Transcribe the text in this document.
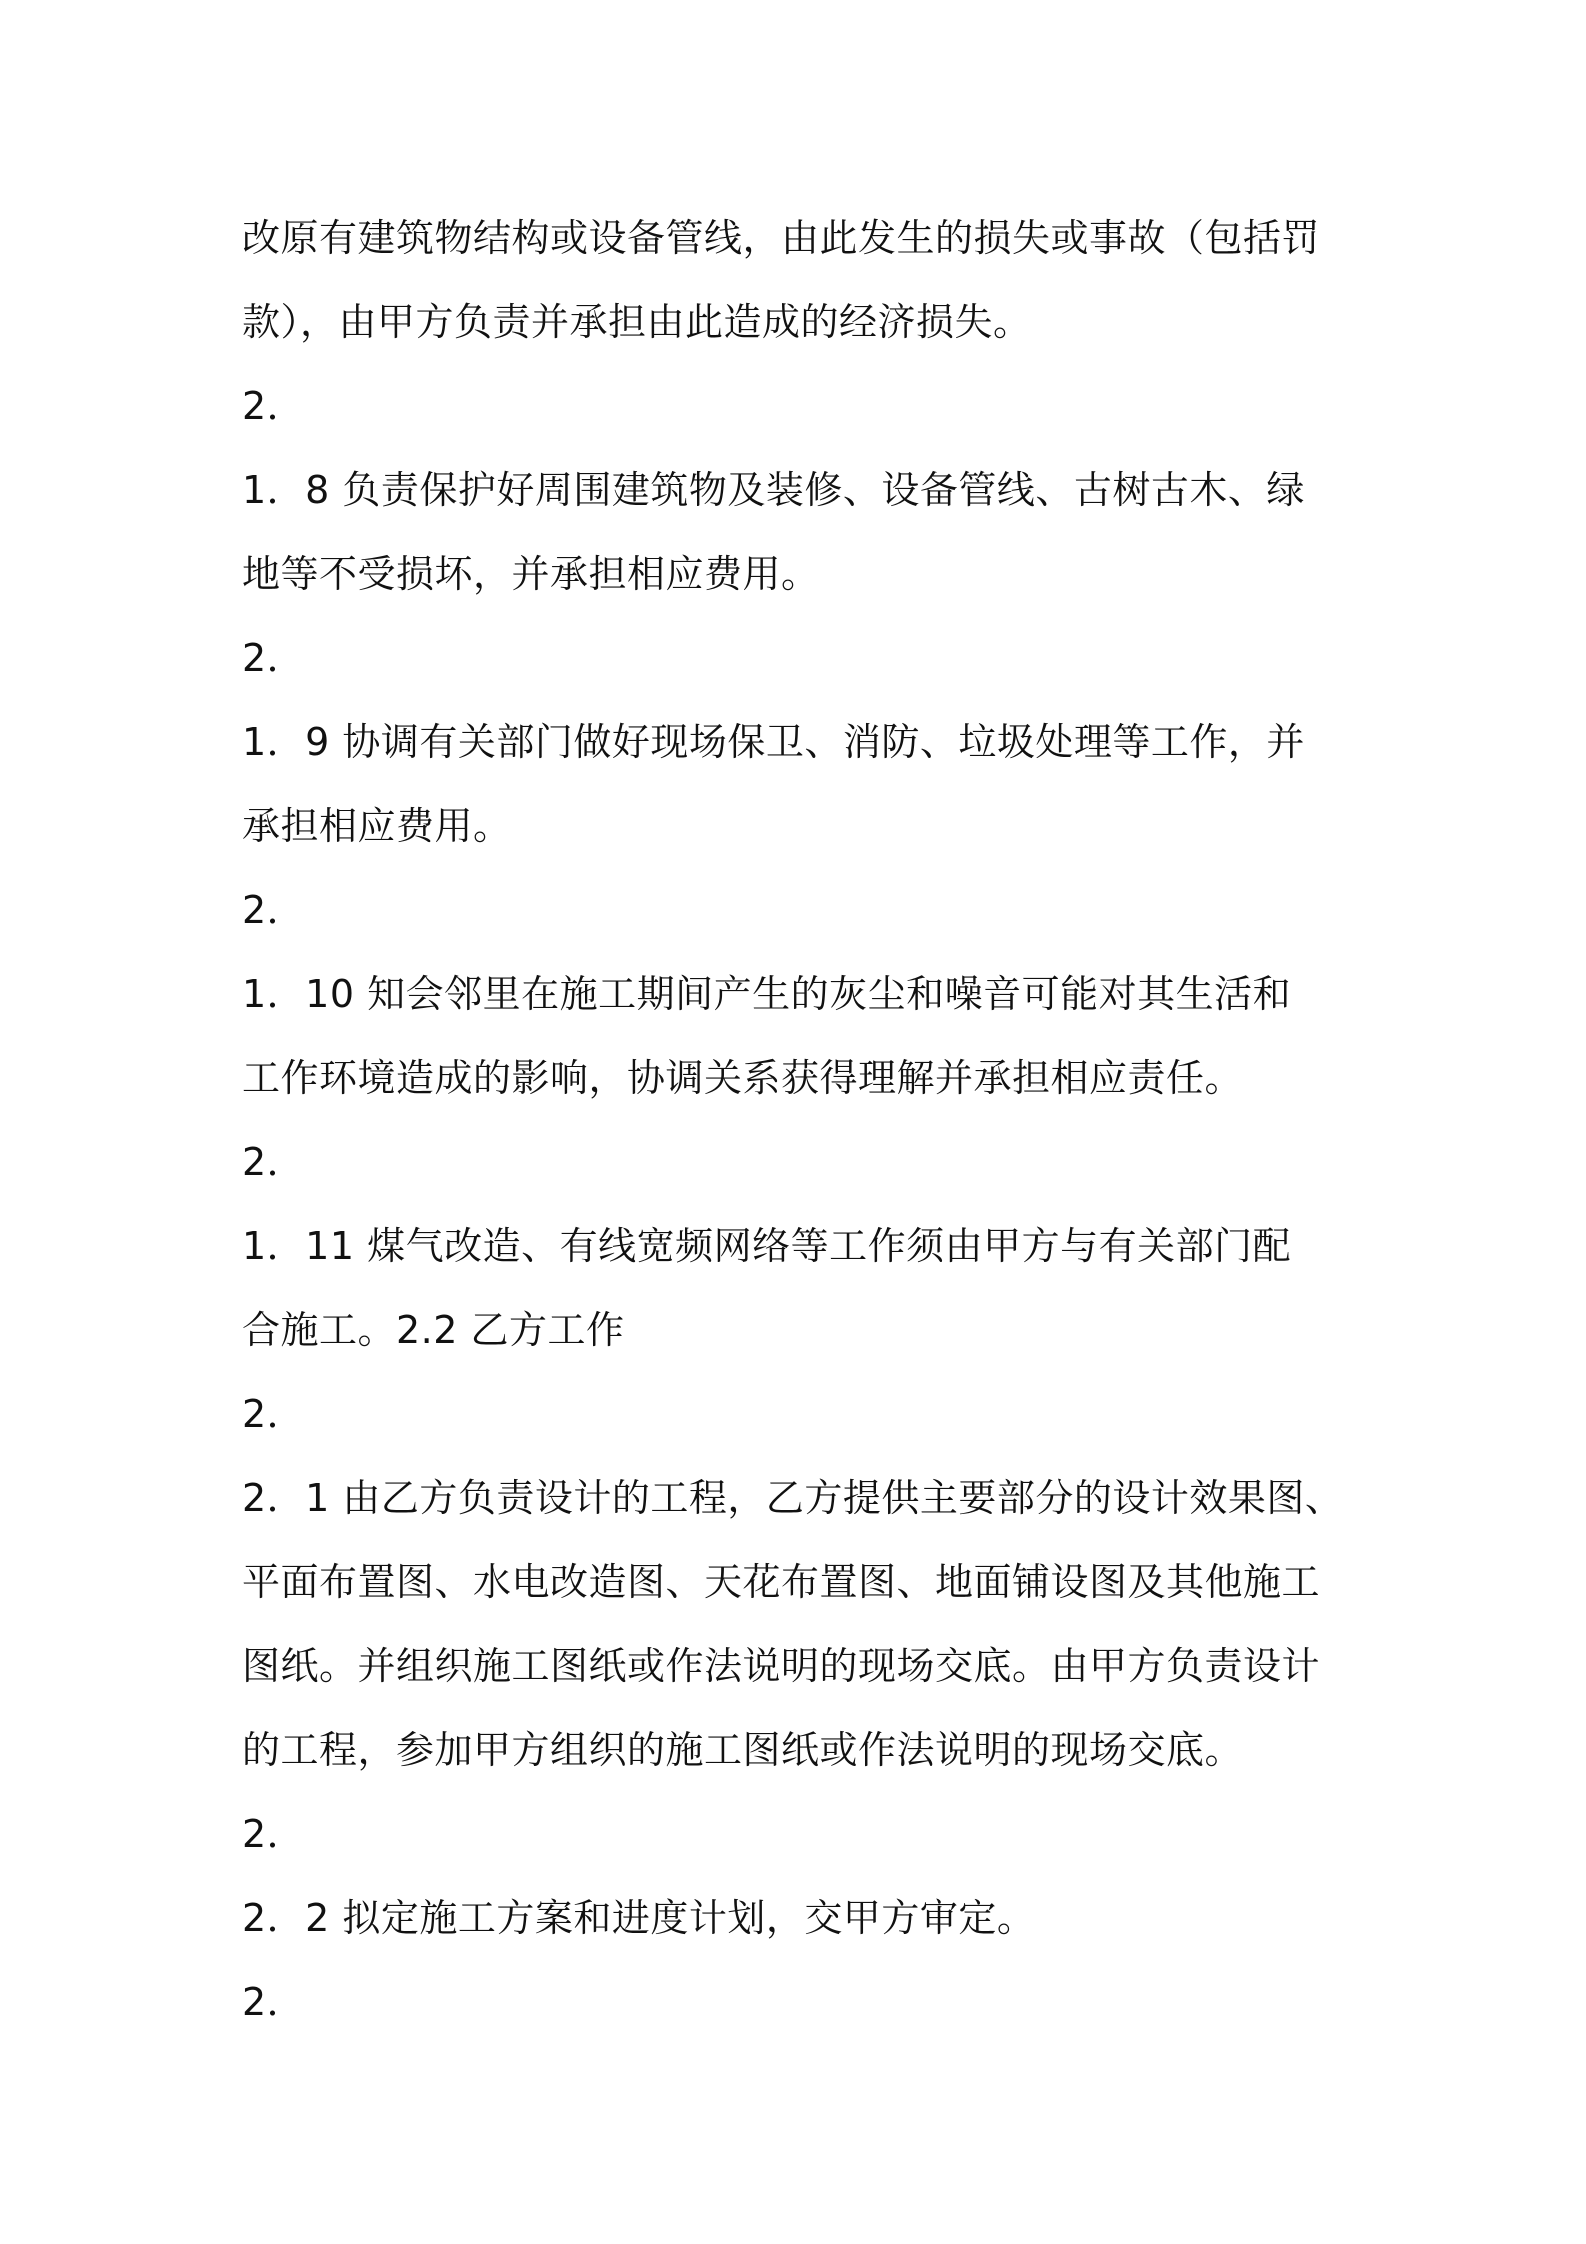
改原有建筑物结构或设备管线，由此发生的损失或事故（包括罚
款），由甲方负责并承担由此造成的经济损失。
2．
1．8 负责保护好周围建筑物及装修、设备管线、古树古木、绿
地等不受损坏，并承担相应费用。
2．
1．9 协调有关部门做好现场保卫、消防、垃圾处理等工作，并
承担相应费用。
2．
1．10 知会邻里在施工期间产生的灰尘和噪音可能对其生活和
工作环境造成的影响，协调关系获得理解并承担相应责任。
2．
1．11 煤气改造、有线宽频网络等工作须由甲方与有关部门配
合施工。2.2 乙方工作
2．
2．1 由乙方负责设计的工程，乙方提供主要部分的设计效果图、
平面布置图、水电改造图、天花布置图、地面铺设图及其他施工
图纸。并组织施工图纸或作法说明的现场交底。由甲方负责设计
的工程，参加甲方组织的施工图纸或作法说明的现场交底。
2．
2．2 拟定施工方案和进度计划，交甲方审定。
2．
